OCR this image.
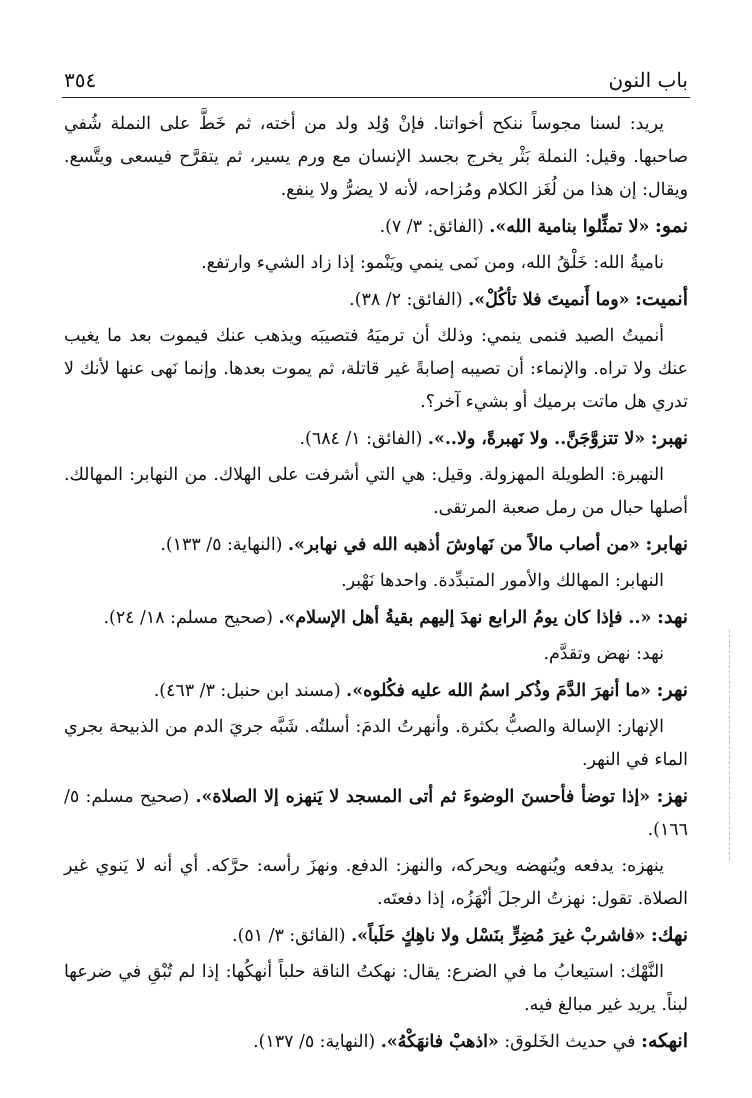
باب النون
٣٥٤

يريد: لسنا مجوساً ننكح أخواتنا. فإنْ وُلِد ولد من أخته، ثم خَطَّ على النملة شُفي صاحبها. وقيل: النملة بَثْر يخرج بجسد الإنسان مع ورم يسير، ثم يتقرَّح فيسعى ويتَّسع. ويقال: إن هذا من لُغَز الكلام ومُزاحه، لأنه لا يضرُّ ولا ينفع.

نمو: «لا تمثِّلوا بنامية الله». (الفائق: ٣/ ٧).

ناميةُ الله: خَلْقُ الله، ومن نَمى ينمي ويَنْمو: إذا زاد الشيء وارتفع.

أنميت: «وما أَنميتَ فلا تأكُلْ». (الفائق: ٢/ ٣٨).

أنميتُ الصيد فنمى ينمي: وذلك أن ترميَهُ فتصيبَه ويذهب عنك فيموت بعد ما يغيب عنك ولا تراه. والإنماء: أن تصيبه إصابةً غير قاتلة، ثم يموت بعدها. وإنما نَهى عنها لأنك لا تدري هل ماتت برميك أو بشيء آخر؟.

نهبر: «لا تتزوَّجَنَّ.. ولا نَهبرةً، ولا..». (الفائق: ١/ ٦٨٤).

النهبرة: الطويلة المهزولة. وقيل: هي التي أشرفت على الهلاك. من النهابر: المهالك. أصلها حبال من رمل صعبة المرتقى.

نهابر: «من أصاب مالاً من نَهاوشَ أذهبه الله في نهابر». (النهاية: ٥/ ١٣٣).

النهابر: المهالك والأمور المتبدِّدة. واحدها نَهْبر.

نهد: «.. فإذا كان يومُ الرابع نهدَ إليهم بقيةُ أهل الإسلام». (صحيح مسلم: ١٨/ ٢٤).

نهد: نهض وتقدَّم.

نهر: «ما أنهرَ الدَّمَ وذُكر اسمُ الله عليه فكُلوه». (مسند ابن حنبل: ٣/ ٤٦٣).

الإنهار: الإسالة والصبُّ بكثرة. وأنهرتُ الدمَ: أسلتُه. شَبَّه جريَ الدم من الذبيحة بجري الماء في النهر.

نهز: «إذا توضأ فأحسنَ الوضوءَ ثم أتى المسجد لا يَنهزه إلا الصلاة». (صحيح مسلم: ٥/ ١٦٦).

ينهزه: يدفعه ويُنهضه ويحركه، والنهز: الدفع. ونهزَ رأسه: حرَّكه. أي أنه لا يَنوي غير الصلاة. تقول: نهزتُ الرجلَ أنْهَزُه، إذا دفعتَه.

نهك: «فاشربْ غيرَ مُضِرٍّ بنَسْل ولا ناهِكٍ حَلَباً». (الفائق: ٣/ ٥١).

النَّهْك: استيعابُ ما في الضرع: يقال: نهكتُ الناقة حلباً أنهكُها: إذا لم تُبْقِ في ضرعها لبناً. يريد غير مبالغ فيه.

انهكه: في حديث الخَلوق: «اذهبْ فانهَكْهُ». (النهاية: ٥/ ١٣٧).
